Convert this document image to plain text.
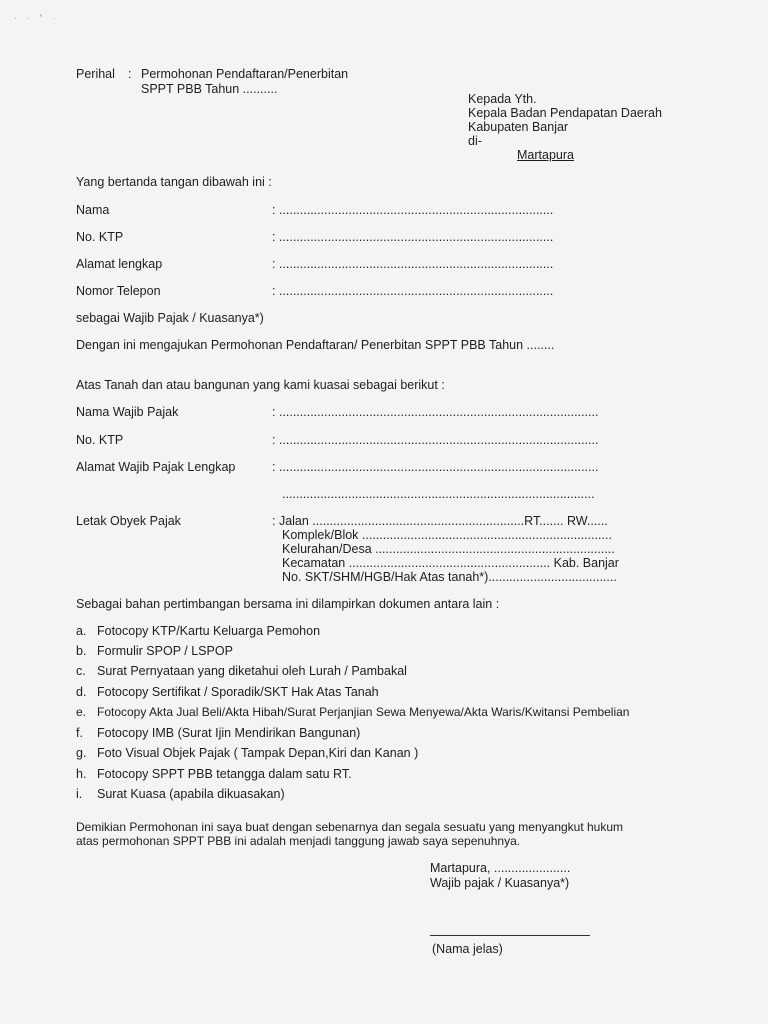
· · ˚ ·
Perihal : Permohonan Pendaftaran/Penerbitan
SPPT PBB Tahun ..........
Kepada Yth.
Kepala Badan Pendapatan Daerah
Kabupaten Banjar
di-
Martapura
Yang bertanda tangan dibawah ini :
Nama	: ...............................................................................
No. KTP	: ...............................................................................
Alamat lengkap	: ...............................................................................
Nomor Telepon	: ...............................................................................
sebagai Wajib Pajak / Kuasanya*)
Dengan ini mengajukan Permohonan Pendaftaran/ Penerbitan SPPT PBB Tahun ........
Atas Tanah dan atau bangunan yang kami kuasai sebagai berikut :
Nama Wajib Pajak	: ............................................................................................
No. KTP	: ............................................................................................
Alamat Wajib Pajak Lengkap	: ............................................................................................
..........................................................................................
Letak Obyek Pajak	: Jalan .............................................................RT....... RW......
Komplek/Blok ........................................................................
Kelurahan/Desa .....................................................................
Kecamatan .......................................................... Kab. Banjar
No. SKT/SHM/HGB/Hak Atas tanah*).....................................
Sebagai bahan pertimbangan bersama ini dilampirkan dokumen antara lain :
a. Fotocopy KTP/Kartu Keluarga Pemohon
b. Formulir SPOP / LSPOP
c. Surat Pernyataan yang diketahui oleh Lurah / Pambakal
d. Fotocopy Sertifikat / Sporadik/SKT Hak Atas Tanah
e. Fotocopy Akta Jual Beli/Akta Hibah/Surat Perjanjian Sewa Menyewa/Akta Waris/Kwitansi Pembelian
f. Fotocopy IMB (Surat Ijin Mendirikan Bangunan)
g. Foto Visual Objek Pajak ( Tampak Depan,Kiri dan Kanan )
h. Fotocopy SPPT PBB tetangga dalam satu RT.
i. Surat Kuasa (apabila dikuasakan)
Demikian Permohonan ini saya buat dengan sebenarnya dan segala sesuatu yang menyangkut hukum
atas permohonan SPPT PBB ini adalah menjadi tanggung jawab saya sepenuhnya.
Martapura, ......................
Wajib pajak / Kuasanya*)
(Nama jelas)
